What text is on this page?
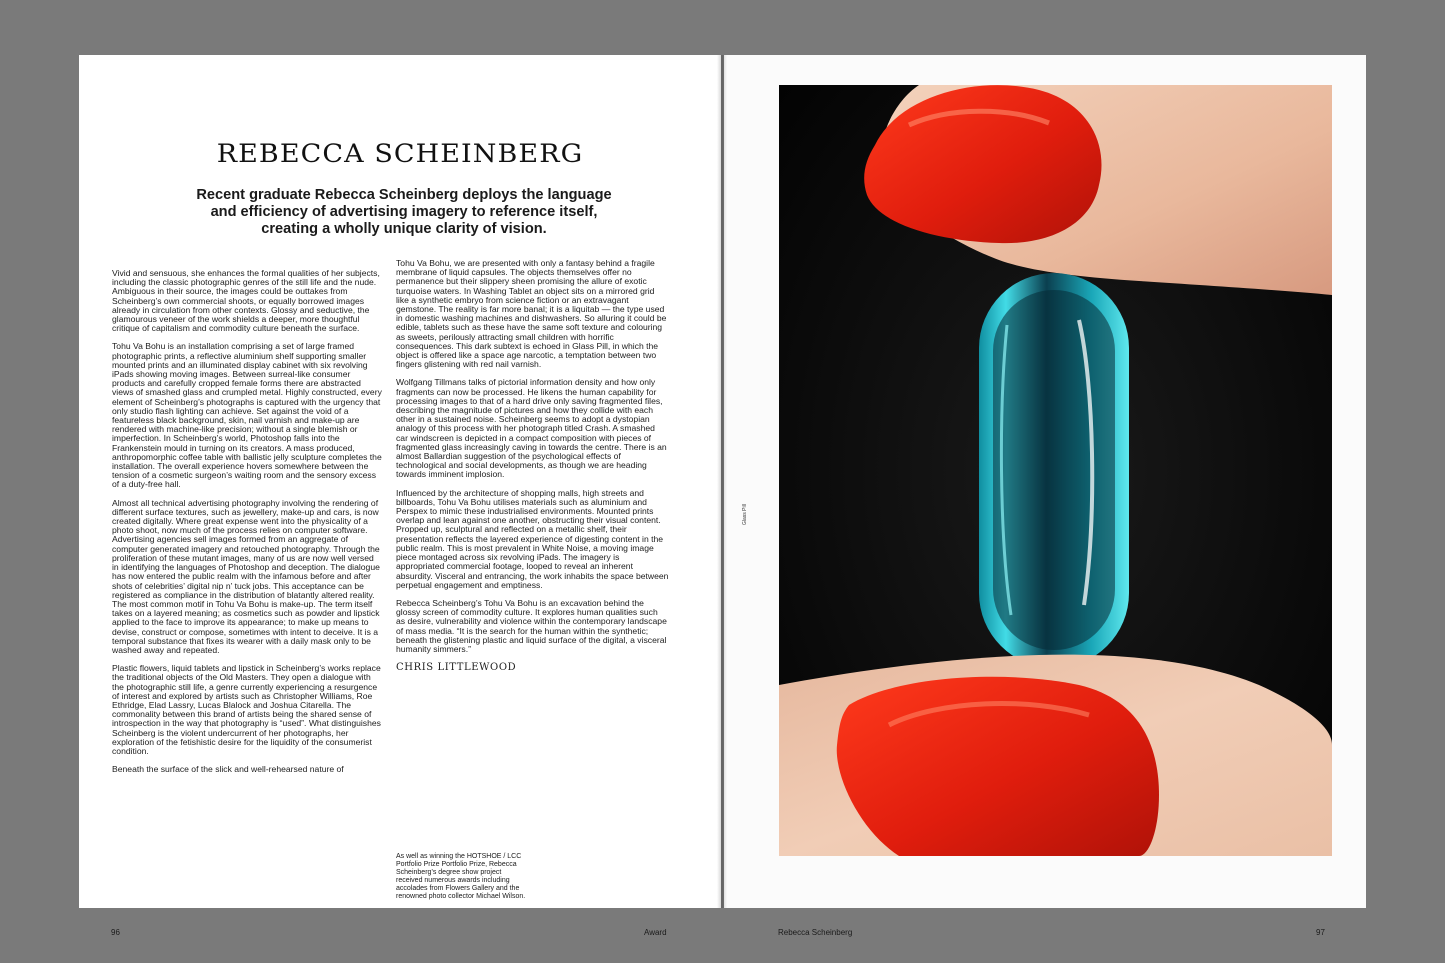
REBECCA SCHEINBERG

Recent graduate Rebecca Scheinberg deploys the language and efficiency of advertising imagery to reference itself, creating a wholly unique clarity of vision.

Vivid and sensuous, she enhances the formal qualities of her subjects, including the classic photographic genres of the still life and the nude. Ambiguous in their source, the images could be outtakes from Scheinberg’s own commercial shoots, or equally borrowed images already in circulation from other contexts. Glossy and seductive, the glamourous veneer of the work shields a deeper, more thoughtful critique of capitalism and commodity culture beneath the surface.

Tohu Va Bohu is an installation comprising a set of large framed photographic prints, a reflective aluminium shelf supporting smaller mounted prints and an illuminated display cabinet with six revolving iPads showing moving images. Between surreal-like consumer products and carefully cropped female forms there are abstracted views of smashed glass and crumpled metal. Highly constructed, every element of Scheinberg’s photographs is captured with the urgency that only studio flash lighting can achieve. Set against the void of a featureless black background, skin, nail varnish and make-up are rendered with machine-like precision; without a single blemish or imperfection. In Scheinberg’s world, Photoshop falls into the Frankenstein mould in turning on its creators. A mass produced, anthropomorphic coffee table with ballistic jelly sculpture completes the installation. The overall experience hovers somewhere between the tension of a cosmetic surgeon’s waiting room and the sensory excess of a duty-free hall.

Almost all technical advertising photography involving the rendering of different surface textures, such as jewellery, make-up and cars, is now created digitally. Where great expense went into the physicality of a photo shoot, now much of the process relies on computer software. Advertising agencies sell images formed from an aggregate of computer generated imagery and retouched photography. Through the proliferation of these mutant images, many of us are now well versed in identifying the languages of Photoshop and deception. The dialogue has now entered the public realm with the infamous before and after shots of celebrities’ digital nip n’ tuck jobs. This acceptance can be registered as compliance in the distribution of blatantly altered reality. The most common motif in Tohu Va Bohu is make-up. The term itself takes on a layered meaning; as cosmetics such as powder and lipstick applied to the face to improve its appearance; to make up means to devise, construct or compose, sometimes with intent to deceive. It is a temporal substance that fixes its wearer with a daily mask only to be washed away and repeated.

Plastic flowers, liquid tablets and lipstick in Scheinberg’s works replace the traditional objects of the Old Masters. They open a dialogue with the photographic still life, a genre currently experiencing a resurgence of interest and explored by artists such as Christopher Williams, Roe Ethridge, Elad Lassry, Lucas Blalock and Joshua Citarella. The commonality between this brand of artists being the shared sense of introspection in the way that photography is “used”. What distinguishes Scheinberg is the violent undercurrent of her photographs, her exploration of the fetishistic desire for the liquidity of the consumerist condition.

Beneath the surface of the slick and well-rehearsed nature of

Tohu Va Bohu, we are presented with only a fantasy behind a fragile membrane of liquid capsules. The objects themselves offer no permanence but their slippery sheen promising the allure of exotic turquoise waters. In Washing Tablet an object sits on a mirrored grid like a synthetic embryo from science fiction or an extravagant gemstone. The reality is far more banal; it is a liquitab — the type used in domestic washing machines and dishwashers. So alluring it could be edible, tablets such as these have the same soft texture and colouring as sweets, perilously attracting small children with horrific consequences. This dark subtext is echoed in Glass Pill, in which the object is offered like a space age narcotic, a temptation between two fingers glistening with red nail varnish.

Wolfgang Tillmans talks of pictorial information density and how only fragments can now be processed. He likens the human capability for processing images to that of a hard drive only saving fragmented files, describing the magnitude of pictures and how they collide with each other in a sustained noise. Scheinberg seems to adopt a dystopian analogy of this process with her photograph titled Crash. A smashed car windscreen is depicted in a compact composition with pieces of fragmented glass increasingly caving in towards the centre. There is an almost Ballardian suggestion of the psychological effects of technological and social developments, as though we are heading towards imminent implosion.

Influenced by the architecture of shopping malls, high streets and billboards, Tohu Va Bohu utilises materials such as aluminium and Perspex to mimic these industrialised environments. Mounted prints overlap and lean against one another, obstructing their visual content. Propped up, sculptural and reflected on a metallic shelf, their presentation reflects the layered experience of digesting content in the public realm. This is most prevalent in White Noise, a moving image piece montaged across six revolving iPads. The imagery is appropriated commercial footage, looped to reveal an inherent absurdity. Visceral and entrancing, the work inhabits the space between perpetual engagement and emptiness.

Rebecca Scheinberg’s Tohu Va Bohu is an excavation behind the glossy screen of commodity culture. It explores human qualities such as desire, vulnerability and violence within the contemporary landscape of mass media. “It is the search for the human within the synthetic; beneath the glistening plastic and liquid surface of the digital, a visceral humanity simmers.”

CHRIS LITTLEWOOD
As well as winning the HOTSHOE / LCC Portfolio Prize Portfolio Prize, Rebecca Scheinberg’s degree show project received numerous awards including accolades from Flowers Gallery and the renowned photo collector Michael Wilson.
96	Award
Glass Pill
Rebecca Scheinberg	97
